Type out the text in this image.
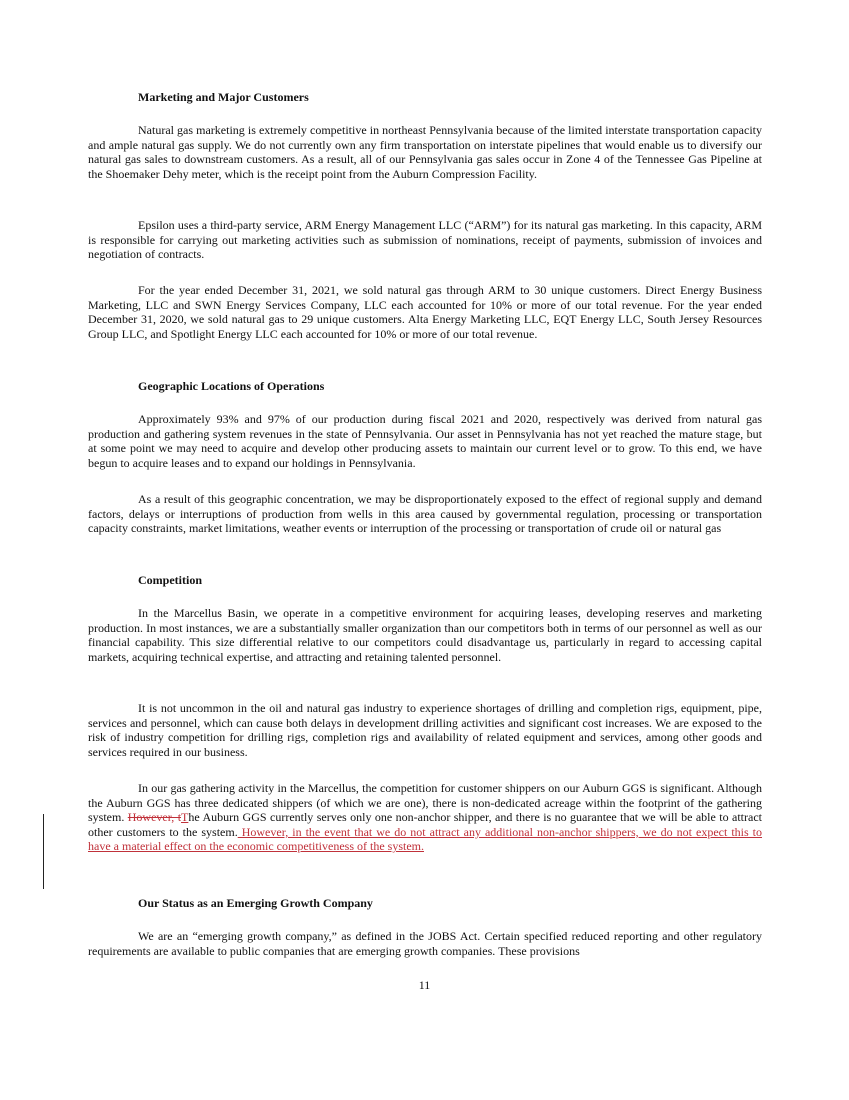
Marketing and Major Customers

Natural gas marketing is extremely competitive in northeast Pennsylvania because of the limited interstate transportation capacity and ample natural gas supply. We do not currently own any firm transportation on interstate pipelines that would enable us to diversify our natural gas sales to downstream customers. As a result, all of our Pennsylvania gas sales occur in Zone 4 of the Tennessee Gas Pipeline at the Shoemaker Dehy meter, which is the receipt point from the Auburn Compression Facility.

Epsilon uses a third-party service, ARM Energy Management LLC (“ARM”) for its natural gas marketing. In this capacity, ARM is responsible for carrying out marketing activities such as submission of nominations, receipt of payments, submission of invoices and negotiation of contracts.

For the year ended December 31, 2021, we sold natural gas through ARM to 30 unique customers. Direct Energy Business Marketing, LLC and SWN Energy Services Company, LLC each accounted for 10% or more of our total revenue. For the year ended December 31, 2020, we sold natural gas to 29 unique customers. Alta Energy Marketing LLC, EQT Energy LLC, South Jersey Resources Group LLC, and Spotlight Energy LLC each accounted for 10% or more of our total revenue.

Geographic Locations of Operations

Approximately 93% and 97% of our production during fiscal 2021 and 2020, respectively was derived from natural gas production and gathering system revenues in the state of Pennsylvania. Our asset in Pennsylvania has not yet reached the mature stage, but at some point we may need to acquire and develop other producing assets to maintain our current level or to grow. To this end, we have begun to acquire leases and to expand our holdings in Pennsylvania.

As a result of this geographic concentration, we may be disproportionately exposed to the effect of regional supply and demand factors, delays or interruptions of production from wells in this area caused by governmental regulation, processing or transportation capacity constraints, market limitations, weather events or interruption of the processing or transportation of crude oil or natural gas

Competition

In the Marcellus Basin, we operate in a competitive environment for acquiring leases, developing reserves and marketing production. In most instances, we are a substantially smaller organization than our competitors both in terms of our personnel as well as our financial capability. This size differential relative to our competitors could disadvantage us, particularly in regard to accessing capital markets, acquiring technical expertise, and attracting and retaining talented personnel.

It is not uncommon in the oil and natural gas industry to experience shortages of drilling and completion rigs, equipment, pipe, services and personnel, which can cause both delays in development drilling activities and significant cost increases. We are exposed to the risk of industry competition for drilling rigs, completion rigs and availability of related equipment and services, among other goods and services required in our business.

In our gas gathering activity in the Marcellus, the competition for customer shippers on our Auburn GGS is significant. Although the Auburn GGS has three dedicated shippers (of which we are one), there is non-dedicated acreage within the footprint of the gathering system. However, tThe Auburn GGS currently serves only one non-anchor shipper, and there is no guarantee that we will be able to attract other customers to the system. However, in the event that we do not attract any additional non-anchor shippers, we do not expect this to have a material effect on the economic competitiveness of the system.

Our Status as an Emerging Growth Company

We are an “emerging growth company,” as defined in the JOBS Act. Certain specified reduced reporting and other regulatory requirements are available to public companies that are emerging growth companies. These provisions

11
